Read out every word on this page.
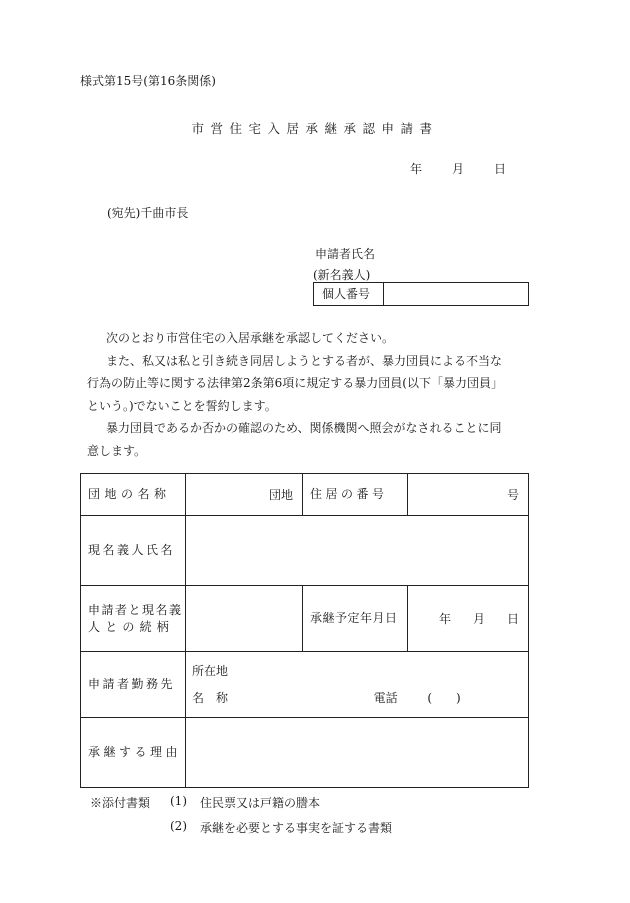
様式第15号(第16条関係)
市営住宅入居承継承認申請書
年	月	日
(宛先)千曲市長
申請者氏名
(新名義人)
個人番号

次のとおり市営住宅の入居承継を承認してください。

また、私又は私と引き続き同居しようとする者が、暴力団員による不当な

行為の防止等に関する法律第2条第6項に規定する暴力団員(以下「暴力団員」

という。)でないことを誓約します。

暴力団員であるか否かの確認のため、関係機関へ照会がなされることに同

意します。

団地の名称	団地	住居の番号	号
現名義人氏名			

申請者と現名義
人との続柄		承継予定年月日	年 月 日
申請者勤務先	所在地
名　称 電話 (　　)		

承継する理由			
※添付書類 (1) 住民票又は戸籍の謄本
(2) 承継を必要とする事実を証する書類
